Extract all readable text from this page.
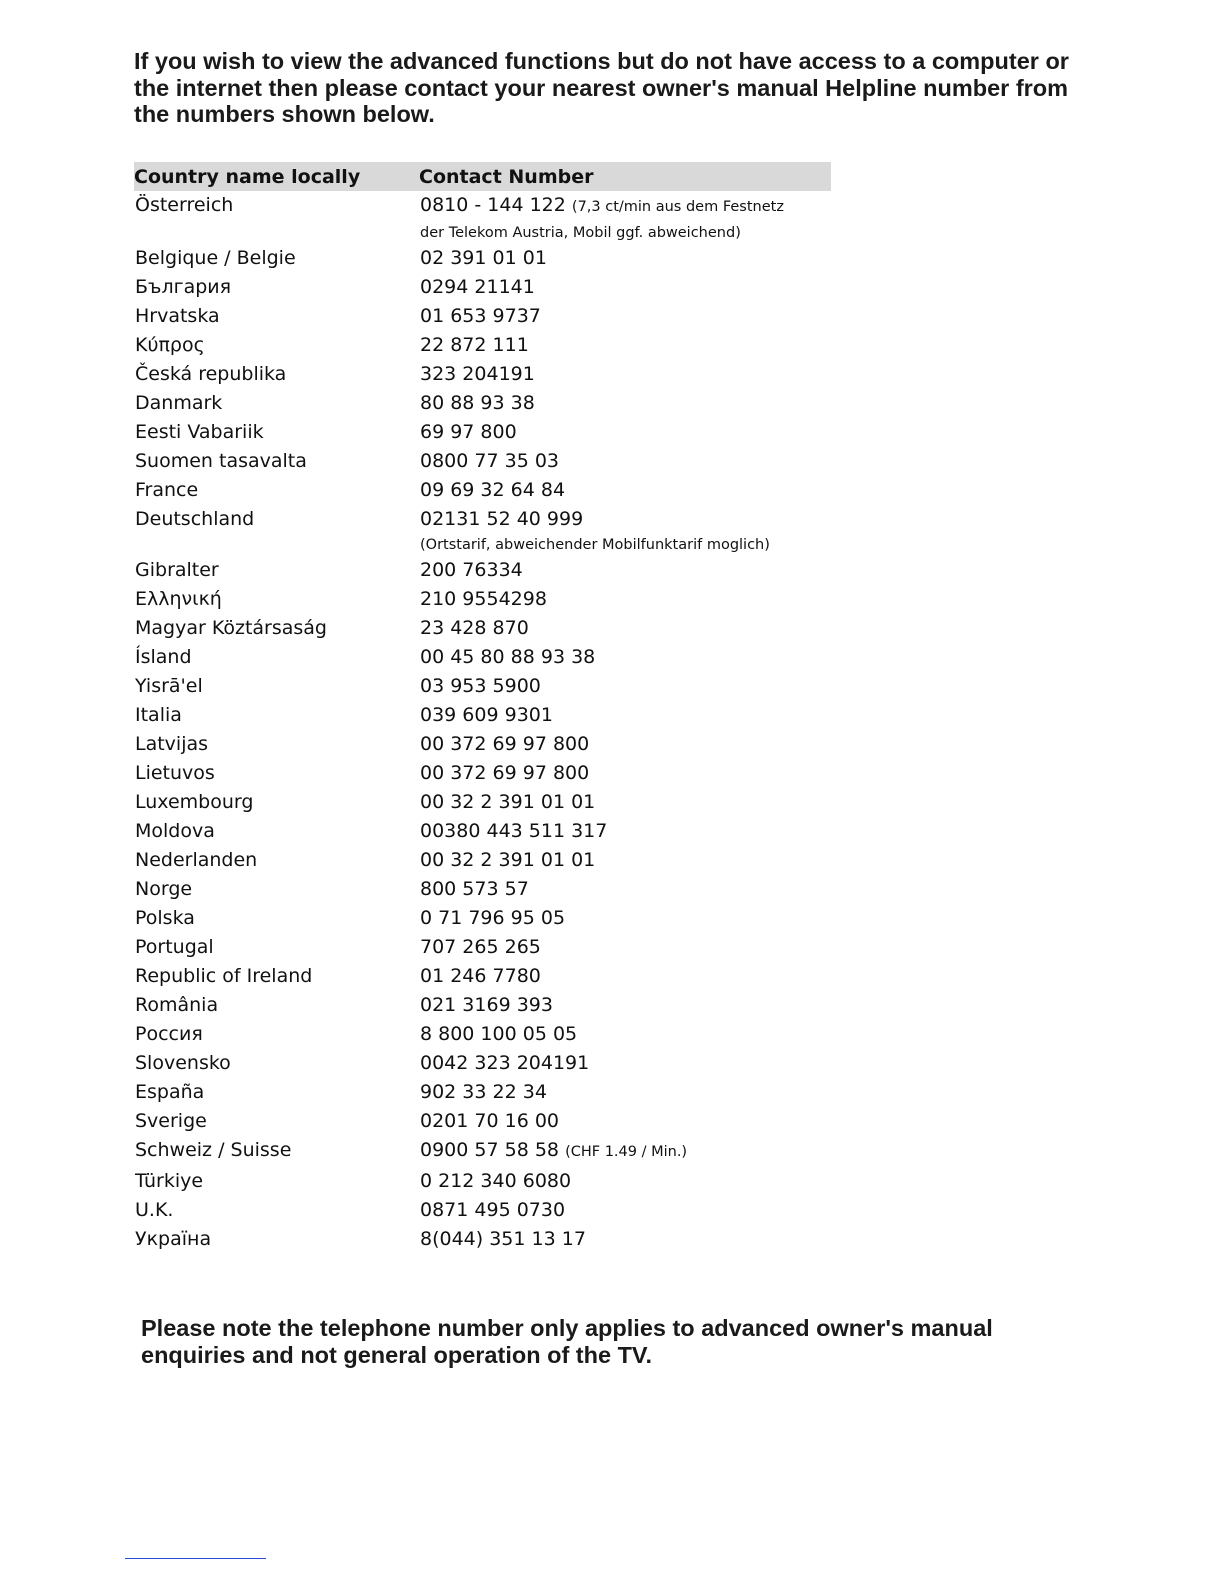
If you wish to view the advanced functions but do not have access to a computer or the internet then please contact your nearest owner's manual Helpline number from the numbers shown below.

Country name locally	Contact Number
Österreich	0810 - 144 122 (7,3 ct/min aus dem Festnetz
der Telekom Austria, Mobil ggf. abweichend)
Belgique / Belgie	02 391 01 01
България	0294 21141
Hrvatska	01 653 9737
Κύπρος	22 872 111
Česká republika	323 204191
Danmark	80 88 93 38
Eesti Vabariik	69 97 800
Suomen tasavalta	0800 77 35 03
France	09 69 32 64 84
Deutschland	02131 52 40 999
(Ortstarif, abweichender Mobilfunktarif moglich)
Gibralter	200 76334
Ελληνική	210 9554298
Magyar Köztársaság	23 428 870
Ísland	00 45 80 88 93 38
Yisrā'el	03 953 5900
Italia	039 609 9301
Latvijas	00 372 69 97 800
Lietuvos	00 372 69 97 800
Luxembourg	00 32 2 391 01 01
Moldova	00380 443 511 317
Nederlanden	00 32 2 391 01 01
Norge	800 573 57
Polska	0 71 796 95 05
Portugal	707 265 265
Republic of Ireland	01 246 7780
România	021 3169 393
Россия	8 800 100 05 05
Slovensko	0042 323 204191
España	902 33 22 34
Sverige	0201 70 16 00
Schweiz / Suisse	0900 57 58 58 (CHF 1.49 / Min.)
Türkiye	0 212 340 6080
U.K.	0871 495 0730
Україна	8(044) 351 13 17

Please note the telephone number only applies to advanced owner's manual enquiries and not general operation of the TV.
